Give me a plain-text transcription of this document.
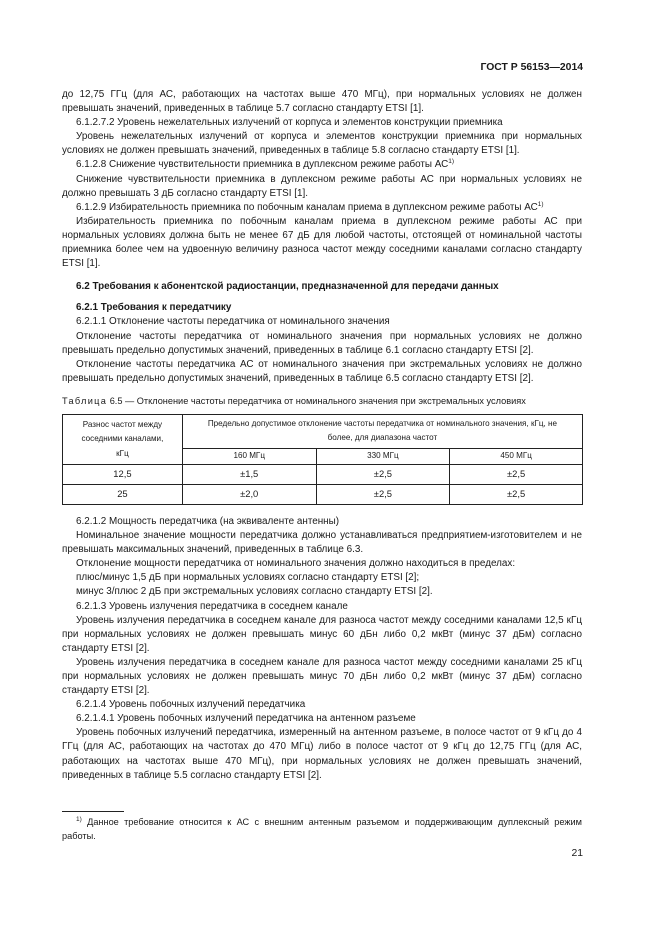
ГОСТ Р 56153—2014

до 12,75 ГГц (для АС, работающих на частотах выше 470 МГц), при нормальных условиях не должен превышать значений, приведенных в таблице 5.7 согласно стандарту ETSI [1].

6.1.2.7.2 Уровень нежелательных излучений от корпуса и элементов конструкции приемника

Уровень нежелательных излучений от корпуса и элементов конструкции приемника при нормальных условиях не должен превышать значений, приведенных в таблице 5.8 согласно стандарту ETSI [1].

6.1.2.8 Снижение чувствительности приемника в дуплексном режиме работы АС$^{1)}$

Снижение чувствительности приемника в дуплексном режиме работы АС при нормальных условиях не должно превышать 3 дБ согласно стандарту ETSI [1].

6.1.2.9 Избирательность приемника по побочным каналам приема в дуплексном режиме работы АС$^{1)}$

Избирательность приемника по побочным каналам приема в дуплексном режиме работы АС при нормальных условиях должна быть не менее 67 дБ для любой частоты, отстоящей от номинальной частоты приемника более чем на удвоенную величину разноса частот между соседними каналами согласно стандарту ETSI [1].

6.2 Требования к абонентской радиостанции, предназначенной для передачи данных

6.2.1 Требования к передатчику

6.2.1.1 Отклонение частоты передатчика от номинального значения

Отклонение частоты передатчика от номинального значения при нормальных условиях не должно превышать предельно допустимых значений, приведенных в таблице 6.1 согласно стандарту ETSI [2].

Отклонение частоты передатчика АС от номинального значения при экстремальных условиях не должно превышать предельно допустимых значений, приведенных в таблице 6.5 согласно стандарту ETSI [2].

Таблица 6.5 — Отклонение частоты передатчика от номинального значения при экстремальных условиях
Разнос частот между соседними каналами, кГц	Предельно допустимое отклонение частоты передатчика от номинального значения, кГц, не более, для диапазона частот		
	160 МГц	330 МГц	450 МГц
12,5	±1,5	±2,5	±2,5
25	±2,0	±2,5	±2,5

6.2.1.2 Мощность передатчика (на эквиваленте антенны)

Номинальное значение мощности передатчика должно устанавливаться предприятием-изготовителем и не превышать максимальных значений, приведенных в таблице 6.3.

Отклонение мощности передатчика от номинального значения должно находиться в пределах:

плюс/минус 1,5 дБ при нормальных условиях согласно стандарту ETSI [2];

минус 3/плюс 2 дБ при экстремальных условиях согласно стандарту ETSI [2].

6.2.1.3 Уровень излучения передатчика в соседнем канале

Уровень излучения передатчика в соседнем канале для разноса частот между соседними каналами 12,5 кГц при нормальных условиях не должен превышать минус 60 дБн либо 0,2 мкВт (минус 37 дБм) согласно стандарту ETSI [2].

Уровень излучения передатчика в соседнем канале для разноса частот между соседними каналами 25 кГц при нормальных условиях не должен превышать минус 70 дБн либо 0,2 мкВт (минус 37 дБм) согласно стандарту ETSI [2].

6.2.1.4 Уровень побочных излучений передатчика

6.2.1.4.1 Уровень побочных излучений передатчика на антенном разъеме

Уровень побочных излучений передатчика, измеренный на антенном разъеме, в полосе частот от 9 кГц до 4 ГГц (для АС, работающих на частотах до 470 МГц) либо в полосе частот от 9 кГц до 12,75 ГГц (для АС, работающих на частотах выше 470 МГц), при нормальных условиях не должен превышать значений, приведенных в таблице 5.5 согласно стандарту ETSI [2].

$^{1)}$ Данное требование относится к АС с внешним антенным разъемом и поддерживающим дуплексный режим работы.
21
